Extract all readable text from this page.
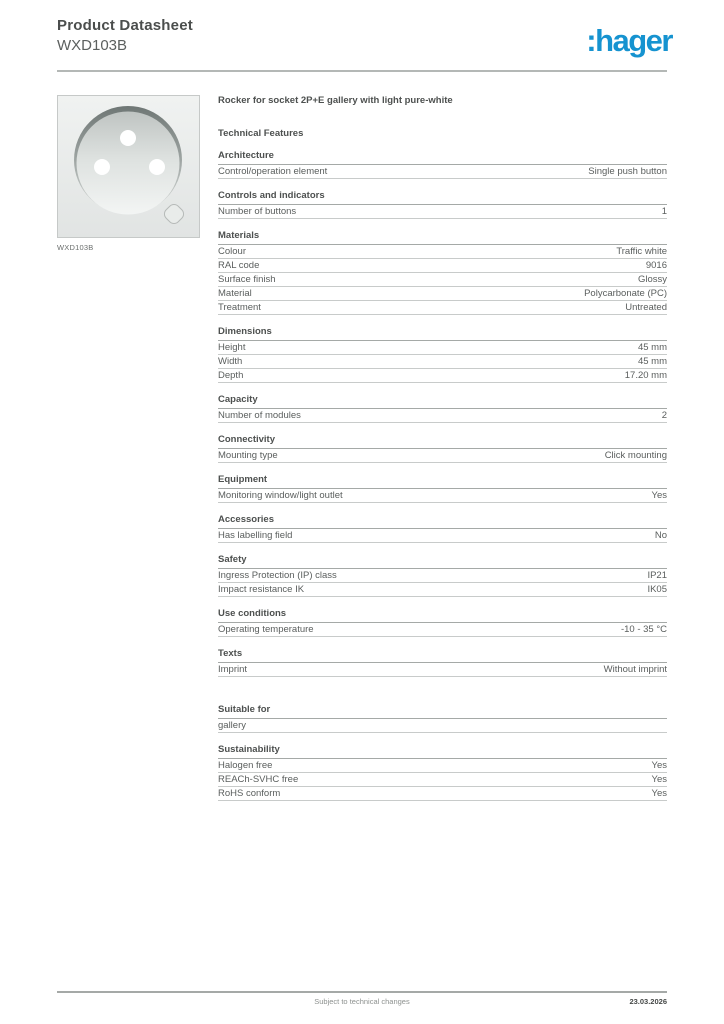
Product Datasheet
WXD103B	:hager
WXD103B
Rocker for socket 2P+E gallery with light pure-white
Technical Features
Architecture
Control/operation element	Single push button
Controls and indicators
Number of buttons	1
Materials
Colour	Traffic white
RAL code	9016
Surface finish	Glossy
Material	Polycarbonate (PC)
Treatment	Untreated
Dimensions
Height	45 mm
Width	45 mm
Depth	17.20 mm
Capacity
Number of modules	2
Connectivity
Mounting type	Click mounting
Equipment
Monitoring window/light outlet	Yes
Accessories
Has labelling field	No
Safety
Ingress Protection (IP) class	IP21
Impact resistance IK	IK05
Use conditions
Operating temperature	-10 - 35 °C
Texts
Imprint	Without imprint
Suitable for
gallery
Sustainability
Halogen free	Yes
REACh-SVHC free	Yes
RoHS conform	Yes
Subject to technical changes	23.03.2026
